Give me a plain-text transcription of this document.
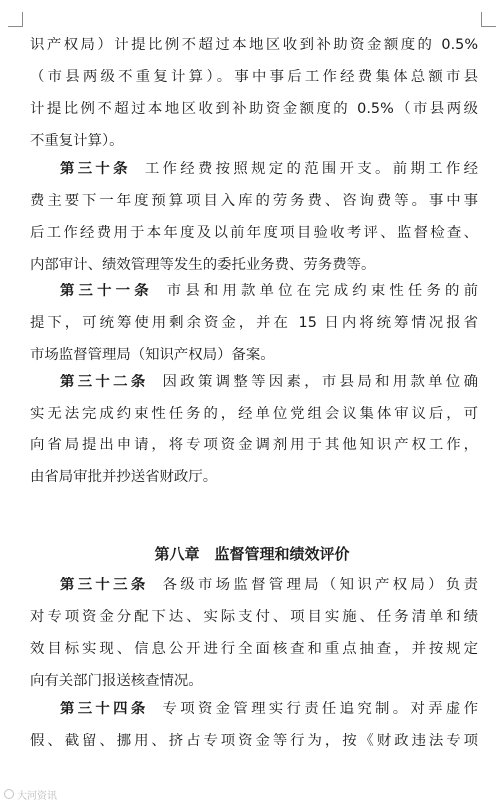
识产权局）计提比例不超过本地区收到补助资金额度的 0.5%
（市县两级不重复计算）。事中事后工作经费集体总额市县
计提比例不超过本地区收到补助资金额度的 0.5%（市县两级
不重复计算）。
第三十条 工作经费按照规定的范围开支。前期工作经
费主要下一年度预算项目入库的劳务费、咨询费等。事中事
后工作经费用于本年度及以前年度项目验收考评、监督检查、
内部审计、绩效管理等发生的委托业务费、劳务费等。
第三十一条 市县和用款单位在完成约束性任务的前
提下，可统筹使用剩余资金，并在 15 日内将统筹情况报省
市场监督管理局（知识产权局）备案。
第三十二条 因政策调整等因素，市县局和用款单位确
实无法完成约束性任务的，经单位党组会议集体审议后，可
向省局提出申请，将专项资金调剂用于其他知识产权工作，
由省局审批并抄送省财政厅。
第八章　监督管理和绩效评价
第三十三条 各级市场监督管理局（知识产权局）负责
对专项资金分配下达、实际支付、项目实施、任务清单和绩
效目标实现、信息公开进行全面核查和重点抽查，并按规定
向有关部门报送核查情况。
第三十四条 专项资金管理实行责任追究制。对弄虚作
假、截留、挪用、挤占专项资金等行为，按《财政违法专项
大河资讯
